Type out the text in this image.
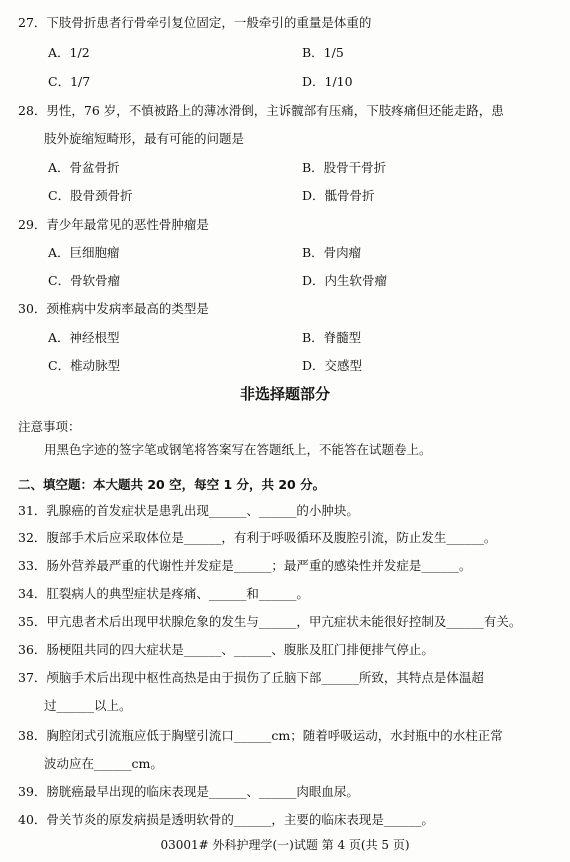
27．下肢骨折患者行骨牵引复位固定，一般牵引的重量是体重的
A．1/2	B．1/5
C．1/7	D．1/10
28．男性，76 岁，不慎被路上的薄冰滑倒，主诉髋部有压痛，下肢疼痛但还能走路，患
肢外旋缩短畸形，最有可能的问题是
A．骨盆骨折	B．股骨干骨折
C．股骨颈骨折	D．骶骨骨折
29．青少年最常见的恶性骨肿瘤是
A．巨细胞瘤	B．骨肉瘤
C．骨软骨瘤	D．内生软骨瘤
30．颈椎病中发病率最高的类型是
A．神经根型	B．脊髓型
C．椎动脉型	D．交感型
非选择题部分
注意事项：
用黑色字迹的签字笔或钢笔将答案写在答题纸上，不能答在试题卷上。
二、填空题：本大题共 20 空，每空 1 分，共 20 分。
31．乳腺癌的首发症状是患乳出现______、______的小肿块。
32．腹部手术后应采取体位是______，有利于呼吸循环及腹腔引流，防止发生______。
33．肠外营养最严重的代谢性并发症是______；最严重的感染性并发症是______。
34．肛裂病人的典型症状是疼痛、______和______。
35．甲亢患者术后出现甲状腺危象的发生与______，甲亢症状未能很好控制及______有关。
36．肠梗阻共同的四大症状是______、______、腹胀及肛门排便排气停止。
37．颅脑手术后出现中枢性高热是由于损伤了丘脑下部______所致，其特点是体温超
过______以上。
38．胸腔闭式引流瓶应低于胸壁引流口______cm；随着呼吸运动，水封瓶中的水柱正常
波动应在______cm。
39．膀胱癌最早出现的临床表现是______、______肉眼血尿。
40．骨关节炎的原发病损是透明软骨的______，主要的临床表现是______。
03001# 外科护理学(一)试题 第 4 页(共 5 页)
